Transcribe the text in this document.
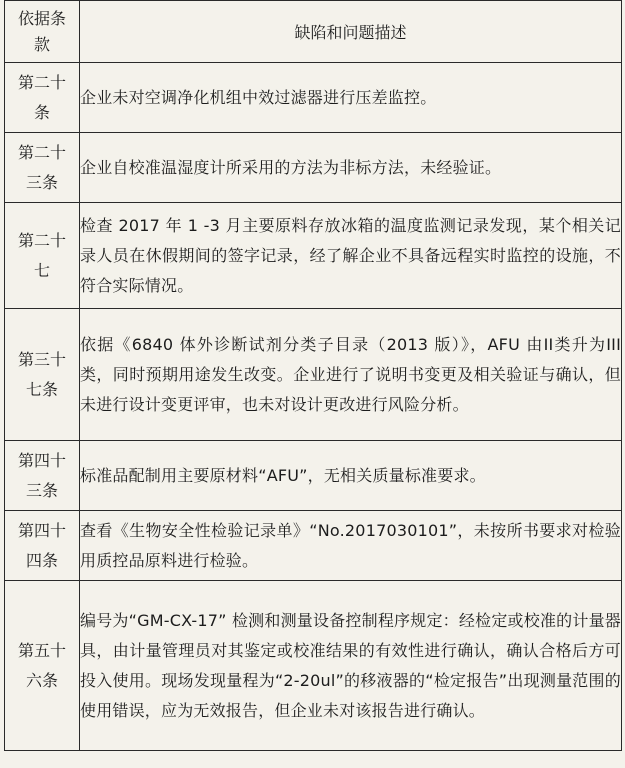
依据条款	缺陷和问题描述

第二十条	企业未对空调净化机组中效过滤器进行压差监控。

第二十三条	企业自校准温湿度计所采用的方法为非标方法，未经验证。

第二十七	检查 2017 年 1 -3 月主要原料存放冰箱的温度监测记录发现，某个相关记录人员在休假期间的签字记录，经了解企业不具备远程实时监控的设施，不符合实际情况。

第三十七条	依据《6840 体外诊断试剂分类子目录（2013 版）》，AFU 由II类升为III类，同时预期用途发生改变。企业进行了说明书变更及相关验证与确认，但未进行设计变更评审，也未对设计更改进行风险分析。

第四十三条	标准品配制用主要原材料“AFU”，无相关质量标准要求。

第四十四条	查看《生物安全性检验记录单》“No.2017030101”，未按所书要求对检验用质控品原料进行检验。

第五十六条	编号为“GM-CX-17” 检测和测量设备控制程序规定：经检定或校准的计量器具，由计量管理员对其鉴定或校准结果的有效性进行确认，确认合格后方可投入使用。现场发现量程为“2-20ul”的移液器的“检定报告”出现测量范围的使用错误，应为无效报告，但企业未对该报告进行确认。
